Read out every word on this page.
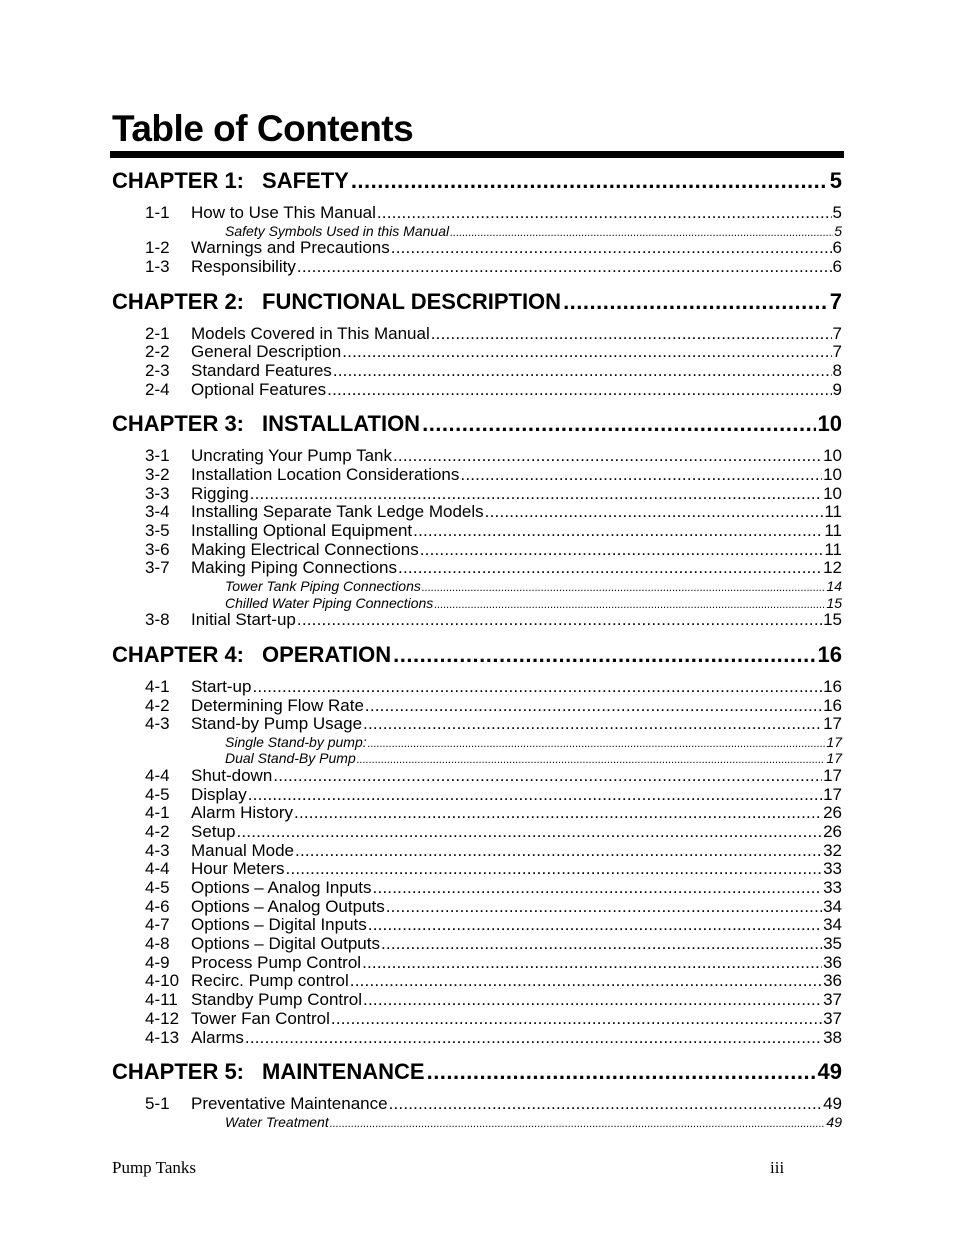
Table of Contents
CHAPTER 1: SAFETY .....	5
1-1	How to Use This Manual .....	5
Safety Symbols Used in this Manual .....	5
1-2	Warnings and Precautions .....	6
1-3	Responsibility .....	6
CHAPTER 2: FUNCTIONAL DESCRIPTION .....	7
2-1	Models Covered in This Manual .....	7
2-2	General Description .....	7
2-3	Standard Features .....	8
2-4	Optional Features .....	9
CHAPTER 3: INSTALLATION .....	10
3-1	Uncrating Your Pump Tank .....	10
3-2	Installation Location Considerations .....	10
3-3	Rigging .....	10
3-4	Installing Separate Tank Ledge Models .....	11
3-5	Installing Optional Equipment .....	11
3-6	Making Electrical Connections .....	11
3-7	Making Piping Connections .....	12
Tower Tank Piping Connections .....	14
Chilled Water Piping Connections .....	15
3-8	Initial Start-up .....	15
CHAPTER 4: OPERATION .....	16
4-1	Start-up .....	16
4-2	Determining Flow Rate .....	16
4-3	Stand-by Pump Usage .....	17
Single Stand-by pump: .....	17
Dual Stand-By Pump .....	17
4-4	Shut-down .....	17
4-5	Display .....	17
4-1	Alarm History .....	26
4-2	Setup .....	26
4-3	Manual Mode .....	32
4-4	Hour Meters .....	33
4-5	Options – Analog Inputs .....	33
4-6	Options – Analog Outputs .....	34
4-7	Options – Digital Inputs .....	34
4-8	Options – Digital Outputs .....	35
4-9	Process Pump Control .....	36
4-10 Recirc. Pump control .....	36
4-11 Standby Pump Control .....	37
4-12 Tower Fan Control .....	37
4-13 Alarms .....	38
CHAPTER 5: MAINTENANCE .....	49
5-1	Preventative Maintenance .....	49
Water Treatment .....	49
Pump Tanks	iii
